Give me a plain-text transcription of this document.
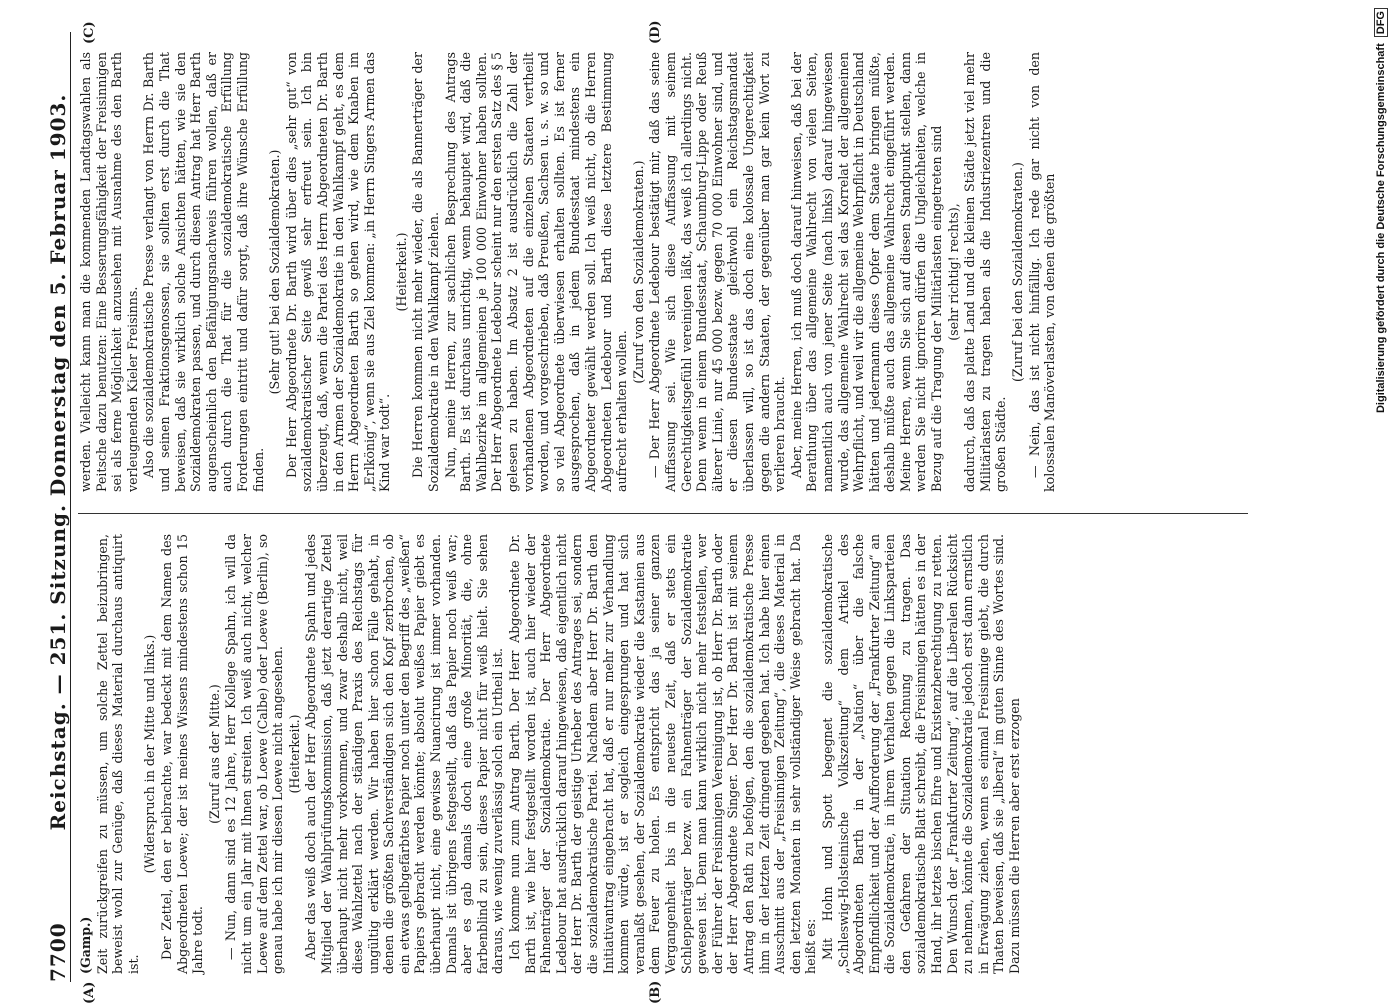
7700
Reichstag. — 251. Sitzung. Donnerstag den 5. Februar 1903.
(A)	(B)
(C)	(D)

(Gamp.) Zeit zurückgreifen zu müssen, um solche Zettel beizubringen, beweist wohl zur Genüge, daß dieses Material durchaus antiquirt ist.

(Widerspruch in der Mitte und links.) Der Zettel, den er beibrachte, war bedeckt mit dem Namen des Abgeordneten Loewe; der ist meines Wissens mindestens schon 15 Jahre todt.

(Zuruf aus der Mitte.) — Nun, dann sind es 12 Jahre, Herr Kollege Spahn, ich will da nicht um ein Jahr mit Ihnen streiten. Ich weiß auch nicht, welcher Loewe auf dem Zettel war, ob Loewe (Calbe) oder Loewe (Berlin), so genau habe ich mir diesen Loewe nicht angesehen. (Heiterkeit.) Aber das weiß doch auch der Herr Abgeordnete Spahn und jedes Mitglied der Wahlprüfungskommission, daß jetzt derartige Zettel überhaupt nicht mehr vorkommen, und zwar deshalb nicht, weil diese Wahlzettel nach der ständigen Praxis des Reichstags für ungültig erklärt werden. Wir haben hier schon Fälle gehabt, in denen die größten Sachverständigen sich den Kopf zerbrochen, ob ein etwas gelbgefärbtes Papier noch unter den Begriff des „weißen“ Papiers gebracht werden könnte; absolut weißes Papier giebt es überhaupt nicht, eine gewisse Nuancirung ist immer vorhanden. Damals ist übrigens festgestellt, daß das Papier noch weiß war; aber es gab damals doch eine große Minorität, die, ohne farbenblind zu sein, dieses Papier nicht für weiß hielt. Sie sehen daraus, wie wenig zuverlässig solch ein Urtheil ist. Ich komme nun zum Antrag Barth. Der Herr Abgeordnete Dr. Barth ist, wie hier festgestellt worden ist, auch hier wieder der Fahnenträger der Sozialdemokratie. Der Herr Abgeordnete Ledebour hat ausdrücklich darauf hingewiesen, daß eigentlich nicht der Herr Dr. Barth der geistige Urheber des Antrages sei, sondern die sozialdemokratische Partei. Nachdem aber Herr Dr. Barth den Initiativantrag eingebracht hat, daß er nur mehr zur Verhandlung kommen würde, ist er sogleich eingesprungen und hat sich veranlaßt gesehen, der Sozialdemokratie wieder die Kastanien aus dem Feuer zu holen. Es entspricht das ja seiner ganzen Vergangenheit bis in die neueste Zeit, daß er stets ein Schleppenträger bezw. ein Fahnenträger der Sozialdemokratie gewesen ist. Denn man kann wirklich nicht mehr feststellen, wer der Führer der Freisinnigen Vereinigung ist, ob Herr Dr. Barth oder der Herr Abgeordnete Singer. Der Herr Dr. Barth ist mit seinem Antrag den Rath zu befolgen, den die sozialdemokratische Presse ihm in der letzten Zeit dringend gegeben hat. Ich habe hier einen Ausschnitt aus der „Freisinnigen Zeitung“, die dieses Material in den letzten Monaten in sehr vollständiger Weise gebracht hat. Da heißt es: Mit Hohn und Spott begegnet die sozialdemokratische „Schleswig-Holsteinische Volkszeitung“ dem Artikel des Abgeordneten Barth in der „Nation“ über die falsche Empfindlichkeit und der Aufforderung der „Frankfurter Zeitung“ an die Sozialdemokratie, in ihrem Verhalten gegen die Linksparteien den Gefahren der Situation Rechnung zu tragen. Das sozialdemokratische Blatt schreibt, die Freisinnigen hätten es in der Hand, ihr letztes bischen Ehre und Existenzberechtigung zu retten. Den Wunsch der „Frankfurter Zeitung“, auf die Liberalen Rücksicht zu nehmen, könnte die Sozialdemokratie jedoch erst dann ernstlich in Erwägung ziehen, wenn es einmal Freisinnige giebt, die durch Thaten beweisen, daß sie „liberal“ im guten Sinne des Wortes sind. Dazu müssen die Herren aber erst erzogen

werden. Vielleicht kann man die kommenden Landtagswahlen als Peitsche dazu benutzen: Eine Besserungsfähigkeit der Freisinnigen sei als ferne Möglichkeit anzusehen mit Ausnahme des den Barth verleugnenden Kieler Freisinns. Also die sozialdemokratische Presse verlangt von Herrn Dr. Barth und seinen Fraktionsgenossen, sie sollten erst durch die That beweisen, daß sie wirklich solche Ansichten hätten, wie sie den Sozialdemokraten passen, und durch diesen Antrag hat Herr Barth augenscheinlich den Befähigungsnachweis führen wollen, daß er auch durch die That für die sozialdemokratische Erfüllung Forderungen eintritt und dafür sorgt, daß ihre Wünsche Erfüllung finden.

(Sehr gut! bei den Sozialdemokraten.) Der Herr Abgeordnete Dr. Barth wird über dies „sehr gut“ von sozialdemokratischer Seite gewiß sehr erfreut sein. Ich bin überzeugt, daß, wenn die Partei des Herrn Abgeordneten Dr. Barth in den Armen der Sozialdemokratie in den Wahlkampf geht, es dem Herrn Abgeordneten Barth so gehen wird, wie dem Knaben im „Erlkönig“, wenn sie aus Ziel kommen: „in Herrn Singers Armen das Kind war todt“.

(Heiterkeit.) Die Herren kommen nicht mehr wieder, die als Bannerträger der Sozialdemokratie in den Wahlkampf ziehen. Nun, meine Herren, zur sachlichen Besprechung des Antrags Barth. Es ist durchaus unrichtig, wenn behauptet wird, daß die Wahlbezirke im allgemeinen je 100 000 Einwohner haben sollten. Der Herr Abgeordnete Ledebour scheint nur den ersten Satz des § 5 gelesen zu haben. Im Absatz 2 ist ausdrücklich die Zahl der vorhandenen Abgeordneten auf die einzelnen Staaten vertheilt worden, und vorgeschrieben, daß Preußen, Sachsen u. s. w. so und so viel Abgeordnete überwiesen erhalten sollten. Es ist ferner ausgesprochen, daß in jedem Bundesstaat mindestens ein Abgeordneter gewählt werden soll. Ich weiß nicht, ob die Herren Abgeordneten Ledebour und Barth diese letztere Bestimmung aufrecht erhalten wollen.

(Zuruf von den Sozialdemokraten.) — Der Herr Abgeordnete Ledebour bestätigt mir, daß das seine Auffassung sei. Wie sich diese Auffassung mit seinem Gerechtigkeitsgefühl vereinigen läßt, das weiß ich allerdings nicht. Denn wenn in einem Bundesstaat, Schaumburg-Lippe oder Reuß älterer Linie, nur 45 000 bezw. gegen 70 000 Einwohner sind, und er diesen Bundesstaate gleichwohl ein Reichstagsmandat überlassen will, so ist das doch eine kolossale Ungerechtigkeit gegen die andern Staaten, der gegenüber man gar kein Wort zu verlieren braucht. Aber, meine Herren, ich muß doch darauf hinweisen, daß bei der Berathung über das allgemeine Wahlrecht von vielen Seiten, namentlich auch von jener Seite (nach links) darauf hingewiesen wurde, das allgemeine Wahlrecht sei das Korrelat der allgemeinen Wehrpflicht, und weil wir die allgemeine Wehrpflicht in Deutschland hätten und jedermann dieses Opfer dem Staate bringen müßte, deshalb müßte auch das allgemeine Wahlrecht eingeführt werden. Meine Herren, wenn Sie sich auf diesen Standpunkt stellen, dann werden Sie nicht ignoriren dürfen die Ungleichheiten, welche in Bezug auf die Tragung der Militärlasten eingetreten sind (sehr richtig! rechts), dadurch, daß das platte Land und die kleinen Städte jetzt viel mehr Militärlasten zu tragen haben als die Industriezentren und die großen Städte.

(Zuruf bei den Sozialdemokraten.) — Nein, das ist nicht hinfällig. Ich rede gar nicht von den kolossalen Manöverlasten, von denen die größten	Digitalisierung gefördert durch die Deutsche Forschungsgemeinschaft
DFG
